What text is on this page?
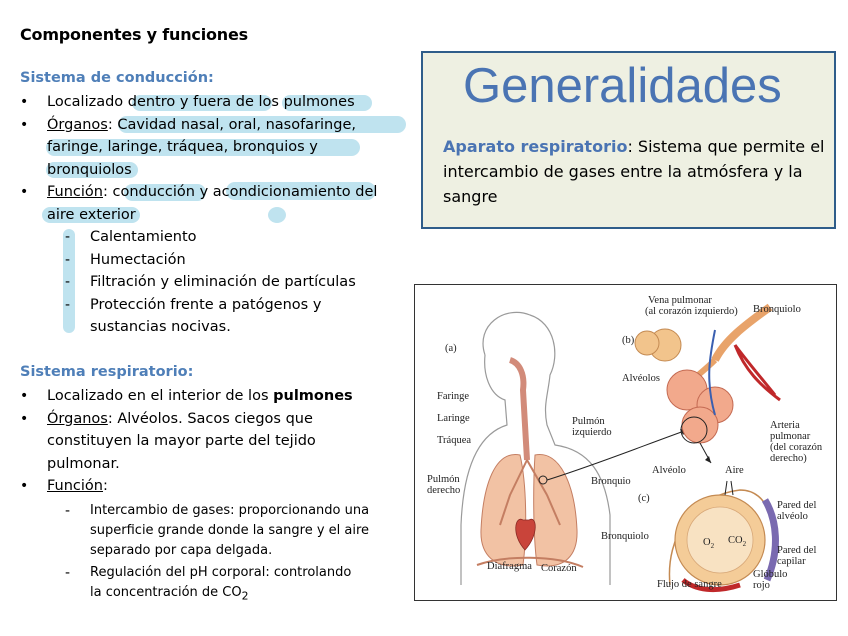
Componentes y funciones
Sistema de conducción:
• Localizado dentro y fuera de los pulmones
• Órganos: Cavidad nasal, oral, nasofaringe,
faringe, laringe, tráquea, bronquios y
bronquiolos
• Función: conducción y acondicionamiento del
aire exterior
- Calentamiento
- Humectación
- Filtración y eliminación de partículas
- Protección frente a patógenos y
sustancias nocivas.
Sistema respiratorio:
• Localizado en el interior de los pulmones
• Órganos: Alvéolos. Sacos ciegos que
constituyen la mayor parte del tejido
pulmonar.
• Función:
- Intercambio de gases: proporcionando una
superficie grande donde la sangre y el aire
separado por capa delgada.
- Regulación del pH corporal: controlando
la concentración de $CO_2$
Generalidades
Aparato respiratorio: Sistema que permite el intercambio de gases entre la atmósfera y la sangre
(a)
(b)
(c)
Faringe
Laringe
Tráquea
Pulmón
derecho
Pulmón
izquierdo
Bronquio
Bronquiolo
Diafragma Corazón
Vena pulmonar
(al corazón izquierdo) Bronquiolo
Alvéolos
Arteria
pulmonar
(del corazón
derecho)
Alvéolo	Aire
Pared del
alvéolo
Pared del
capilar
$O_2$
$CO_2$
Glóbulo
rojo
Flujo de sangre
